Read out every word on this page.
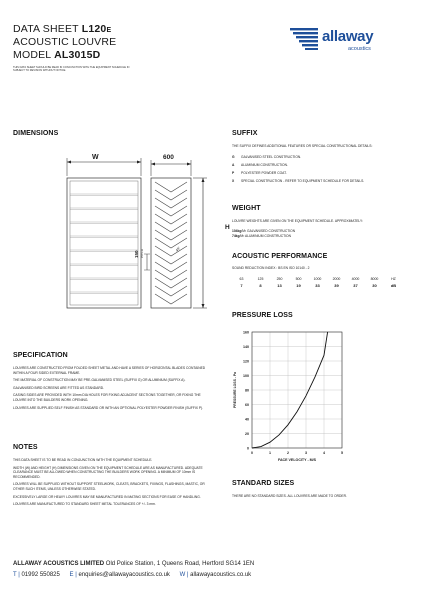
DATA SHEET L120E
ACOUSTIC LOUVRE
MODEL AL3015D
THIS DATA SHEET SHOULD BE READ IN CONJUNCTION WITH THE EQUIPMENT SCHEDULE IN
SUBJECT TO REVISION WITHOUT NOTICE.
allaway
acoustics
DIMENSIONS
W	600
H
150 PITCH	45°
SPECIFICATION

LOUVRES ARE CONSTRUCTED FROM FOLDED SHEET METAL AND HAVE A SERIES OF HORIZONTAL BLADES CONTAINED WITHIN A FOUR SIDED EXTERNAL FRAME.

THE MATERIAL OF CONSTRUCTION MAY BE PRE-GALVANISED STEEL (SUFFIX G) OR ALUMINIUM (SUFFIX A).

GALVANISED BIRD SCREENS ARE FITTED AS STANDARD.

CASING SIDES ARE PROVIDED WITH 10mm DIA HOLES FOR FIXING ADJACENT SECTIONS TOGETHER, OR FIXING THE LOUVRE INTO THE BUILDERS WORK OPENING.

LOUVRES ARE SUPPLIED SELF FINISH AS STANDARD OR WITH AN OPTIONAL POLYESTER POWDER FINISH (SUFFIX P).

NOTES

THIS DATA SHEET IS TO BE READ IN CONJUNCTION WITH THE EQUIPMENT SCHEDULE.

WIDTH (W) AND HEIGHT (H) DIMENSIONS GIVEN ON THE EQUIPMENT SCHEDULE ARE AS MANUFACTURED. ADEQUATE CLEARANCE MUST BE ALLOWED WHEN CONSTRUCTING THE BUILDERS WORK OPENING. A MINIMUM OF 10mm IS RECOMMENDED.

LOUVRES WILL BE SUPPLIED WITHOUT SUPPORT STEELWORK, CLEATS, BRACKETS, FIXINGS, FLASHINGS, MASTIC, OR OTHER SUCH ITEMS, UNLESS OTHERWISE STATED.

EXCESSIVELY LARGE OR HEAVY LOUVRES MAY BE MANUFACTURED IN MATING SECTIONS FOR EASE OF HANDLING.

LOUVRES ARE MANUFACTURED TO STANDARD SHEET METAL TOLERANCES OF +/- 3 mm.

SUFFIX
THE SUFFIX DEFINES ADDITIONAL FEATURES OR SPECIAL CONSTRUCTIONAL DETAILS:
G GALVANISED STEEL CONSTRUCTION.
A ALUMINIUM CONSTRUCTION.
P POLYESTER POWDER COAT.
X SPECIAL CONSTRUCTION - REFER TO EQUIPMENT SCHEDULE FOR DETAILS.
WEIGHT
LOUVRE WEIGHTS ARE GIVEN ON THE EQUIPMENT SCHEDULE. APPROXIMATELY:
104kg/M² GALVANISED CONSTRUCTION
74kg/M² ALUMINIUM CONSTRUCTION
ACOUSTIC PERFORMANCE
SOUND REDUCTION INDEX : BS EN ISO 10140 - 2
63	125	250	500	1000	2000	4000	8000	HZ
7	8	13	19	33	39	37	30	dB
PRESSURE LOSS
0
20
40
60
80
100
120
140
160
0	1	2	3	4	5
FACE VELOCITY - M/S
PRESSURE LOSS - Pa
STANDARD SIZES
THERE ARE NO STANDARD SIZES. ALL LOUVRES ARE MADE TO ORDER.
ALLAWAY ACOUSTICS LIMITED Old Police Station, 1 Queens Road, Hertford SG14 1EN
T | 01992 550825 E | enquiries@allawayacoustics.co.uk W | allawayacoustics.co.uk
